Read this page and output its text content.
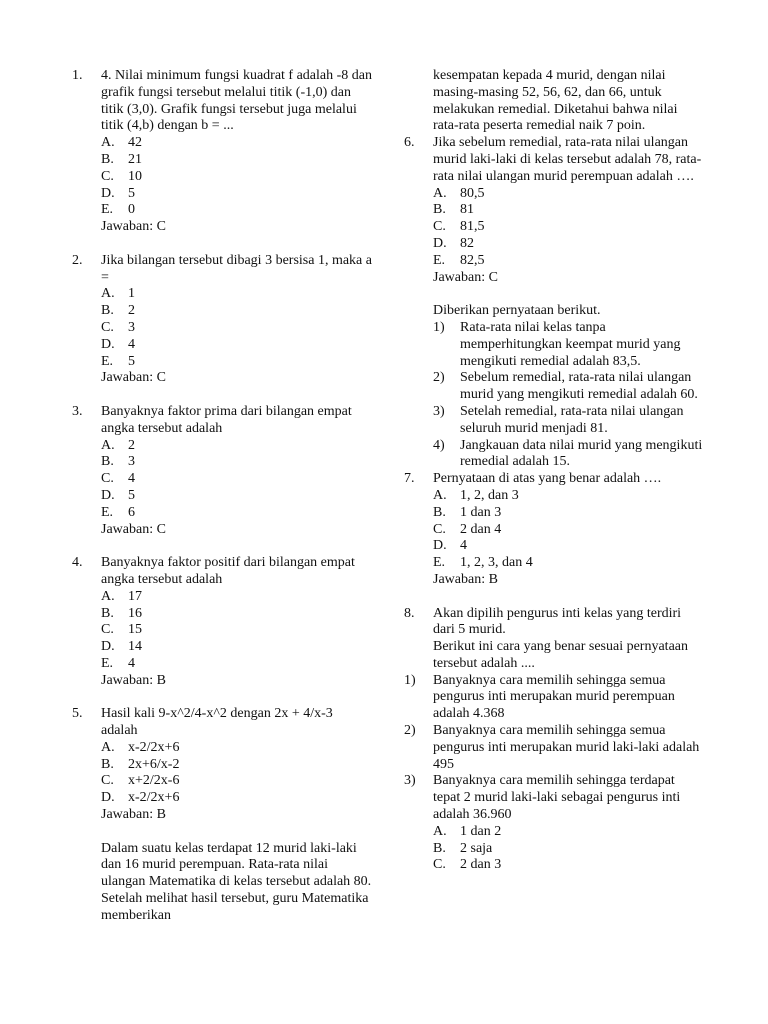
1. 4. Nilai minimum fungsi kuadrat f adalah -8 dan grafik fungsi tersebut melalui titik (-1,0) dan titik (3,0). Grafik fungsi tersebut juga melalui titik (4,b) dengan b = ...
A. 42
B. 21
C. 10
D. 5
E. 0
Jawaban: C
2. Jika bilangan tersebut dibagi 3 bersisa 1, maka a =
A. 1
B. 2
C. 3
D. 4
E. 5
Jawaban: C
3. Banyaknya faktor prima dari bilangan empat angka tersebut adalah
A. 2
B. 3
C. 4
D. 5
E. 6
Jawaban: C
4. Banyaknya faktor positif dari bilangan empat angka tersebut adalah
A. 17
B. 16
C. 15
D. 14
E. 4
Jawaban: B
5. Hasil kali 9-x^2/4-x^2 dengan 2x + 4/x-3 adalah
A. x-2/2x+6
B. 2x+6/x-2
C. x+2/2x-6
D. x-2/2x+6
Jawaban: B
Dalam suatu kelas terdapat 12 murid laki-laki dan 16 murid perempuan. Rata-rata nilai ulangan Matematika di kelas tersebut adalah 80. Setelah melihat hasil tersebut, guru Matematika memberikan
kesempatan kepada 4 murid, dengan nilai masing-masing 52, 56, 62, dan 66, untuk melakukan remedial. Diketahui bahwa nilai rata-rata peserta remedial naik 7 poin.
6. Jika sebelum remedial, rata-rata nilai ulangan murid laki-laki di kelas tersebut adalah 78, rata-rata nilai ulangan murid perempuan adalah ….
A. 80,5
B. 81
C. 81,5
D. 82
E. 82,5
Jawaban: C
Diberikan pernyataan berikut.
1) Rata-rata nilai kelas tanpa memperhitungkan keempat murid yang mengikuti remedial adalah 83,5.
2) Sebelum remedial, rata-rata nilai ulangan murid yang mengikuti remedial adalah 60.
3) Setelah remedial, rata-rata nilai ulangan seluruh murid menjadi 81.
4) Jangkauan data nilai murid yang mengikuti remedial adalah 15.
7. Pernyataan di atas yang benar adalah ….
A. 1, 2, dan 3
B. 1 dan 3
C. 2 dan 4
D. 4
E. 1, 2, 3, dan 4
Jawaban: B
8. Akan dipilih pengurus inti kelas yang terdiri dari 5 murid.
Berikut ini cara yang benar sesuai pernyataan tersebut adalah ....
1) Banyaknya cara memilih sehingga semua pengurus inti merupakan murid perempuan adalah 4.368
2) Banyaknya cara memilih sehingga semua pengurus inti merupakan murid laki-laki adalah 495
3) Banyaknya cara memilih sehingga terdapat tepat 2 murid laki-laki sebagai pengurus inti adalah 36.960
A. 1 dan 2
B. 2 saja
C. 2 dan 3
